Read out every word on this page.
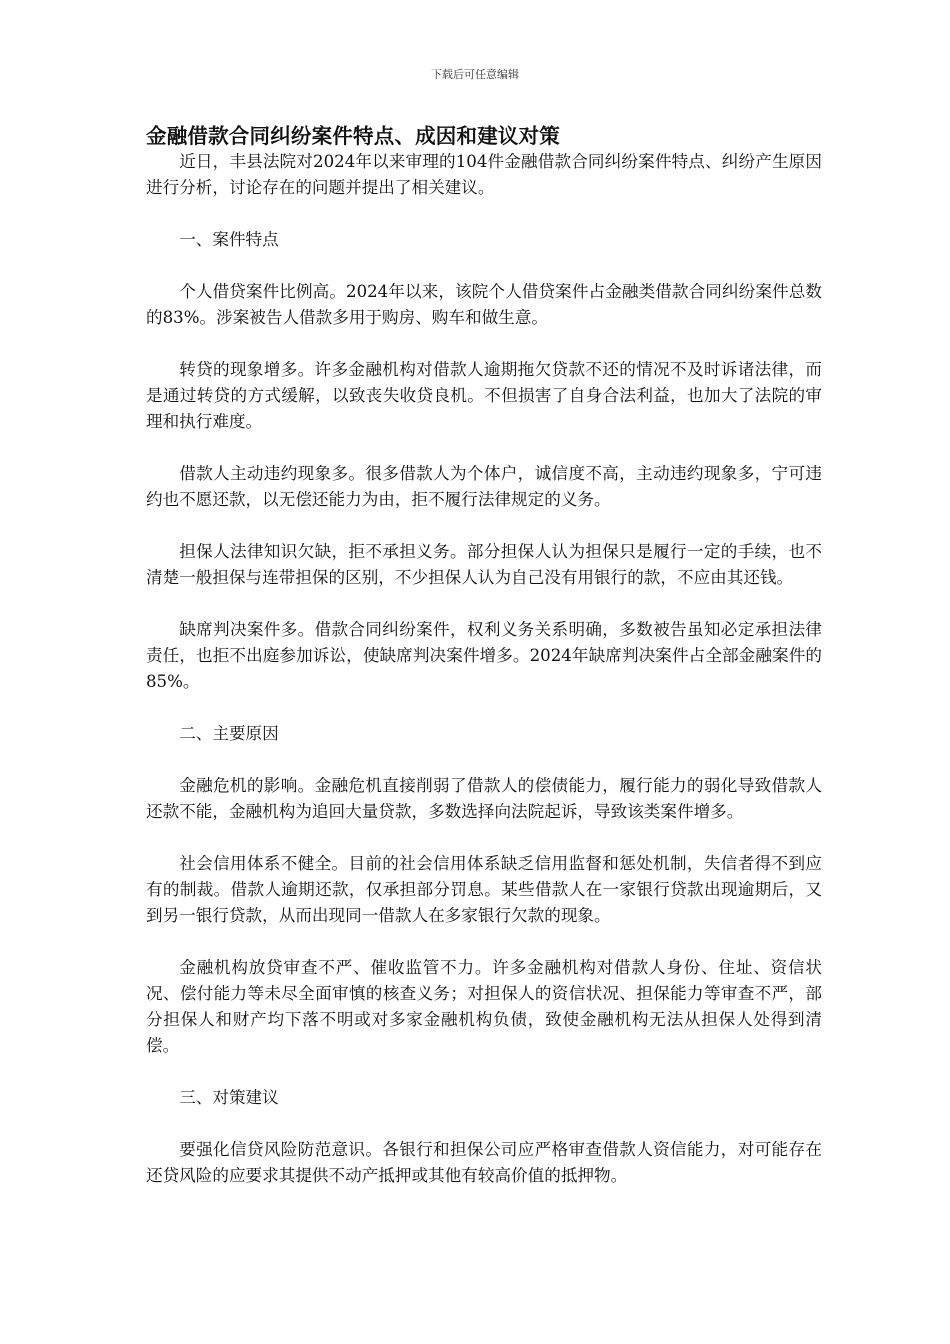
下载后可任意编辑
金融借款合同纠纷案件特点、成因和建议对策

近日，丰县法院对2024年以来审理的104件金融借款合同纠纷案件特点、纠纷产生原因进行分析，讨论存在的问题并提出了相关建议。

一、案件特点

个人借贷案件比例高。2024年以来，该院个人借贷案件占金融类借款合同纠纷案件总数的83%。涉案被告人借款多用于购房、购车和做生意。

转贷的现象增多。许多金融机构对借款人逾期拖欠贷款不还的情况不及时诉诸法律，而是通过转贷的方式缓解，以致丧失收贷良机。不但损害了自身合法利益，也加大了法院的审理和执行难度。

借款人主动违约现象多。很多借款人为个体户，诚信度不高，主动违约现象多，宁可违约也不愿还款，以无偿还能力为由，拒不履行法律规定的义务。

担保人法律知识欠缺，拒不承担义务。部分担保人认为担保只是履行一定的手续，也不清楚一般担保与连带担保的区别，不少担保人认为自己没有用银行的款，不应由其还钱。

缺席判决案件多。借款合同纠纷案件，权利义务关系明确，多数被告虽知必定承担法律责任，也拒不出庭参加诉讼，使缺席判决案件增多。2024年缺席判决案件占全部金融案件的85%。

二、主要原因

金融危机的影响。金融危机直接削弱了借款人的偿债能力，履行能力的弱化导致借款人还款不能，金融机构为追回大量贷款，多数选择向法院起诉，导致该类案件增多。

社会信用体系不健全。目前的社会信用体系缺乏信用监督和惩处机制，失信者得不到应有的制裁。借款人逾期还款，仅承担部分罚息。某些借款人在一家银行贷款出现逾期后，又到另一银行贷款，从而出现同一借款人在多家银行欠款的现象。

金融机构放贷审查不严、催收监管不力。许多金融机构对借款人身份、住址、资信状况、偿付能力等未尽全面审慎的核查义务；对担保人的资信状况、担保能力等审查不严，部分担保人和财产均下落不明或对多家金融机构负债，致使金融机构无法从担保人处得到清偿。

三、对策建议

要强化信贷风险防范意识。各银行和担保公司应严格审查借款人资信能力，对可能存在还贷风险的应要求其提供不动产抵押或其他有较高价值的抵押物。
